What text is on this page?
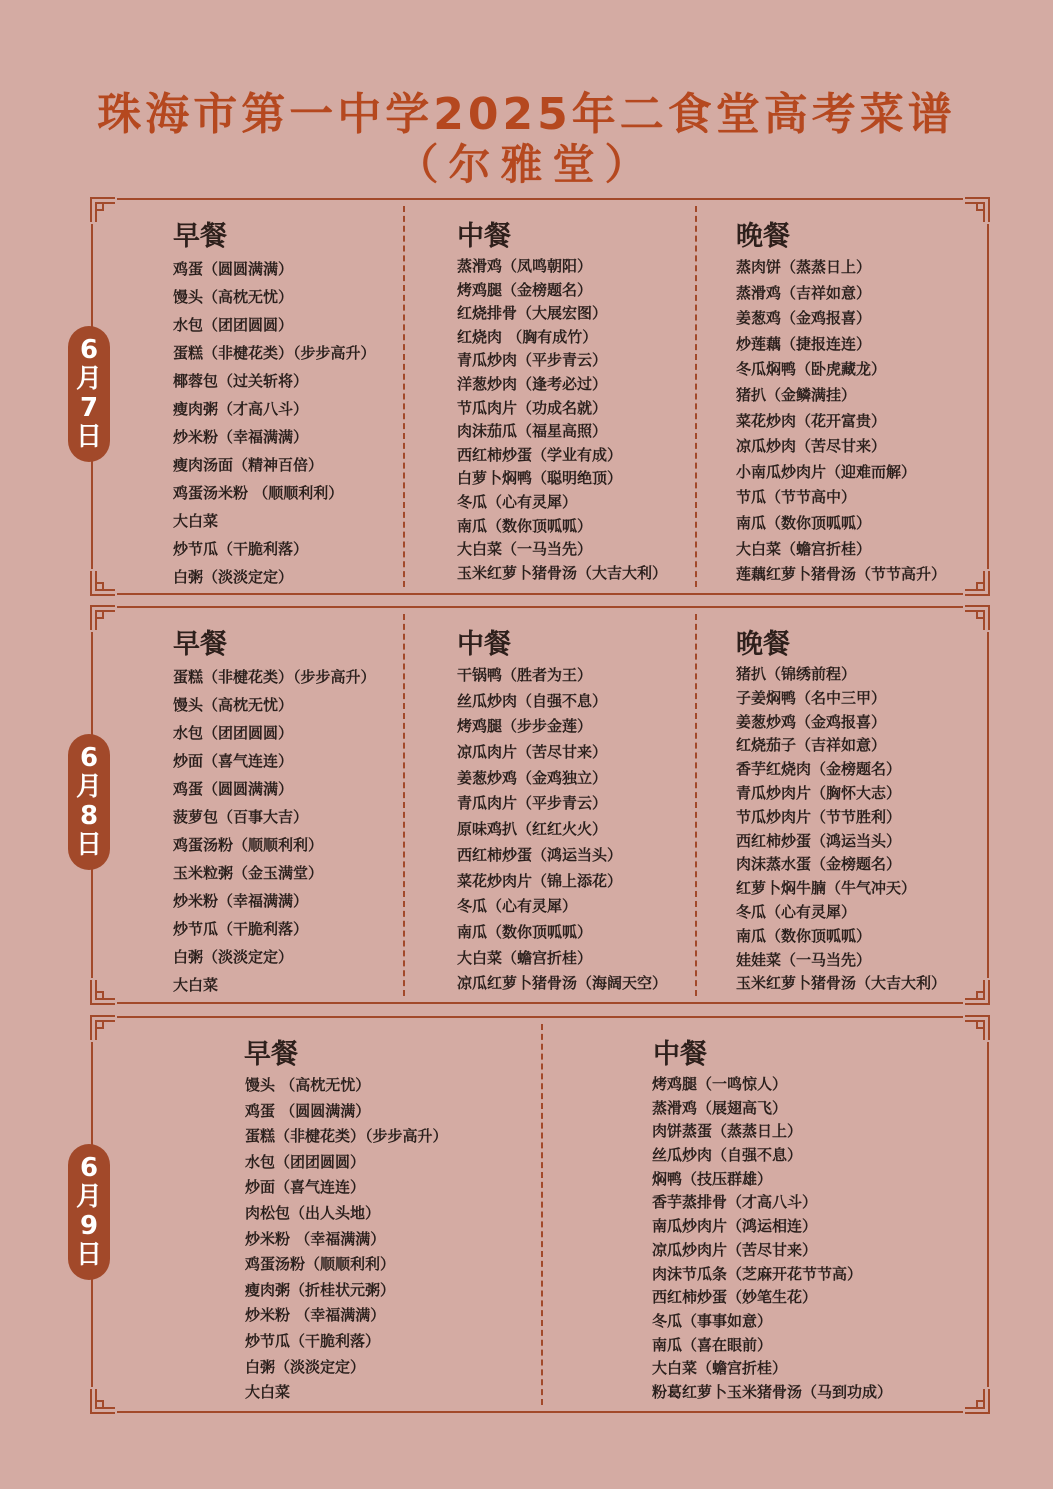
珠海市第一中学2025年二食堂高考菜谱
（尔雅堂）
6
月
7
日
早餐
鸡蛋（圆圆满满）
馒头（高枕无忧）
水包（团团圆圆）
蛋糕（非楗花类）（步步高升）
椰蓉包（过关斩将）
瘦肉粥（才高八斗）
炒米粉（幸福满满）
瘦肉汤面（精神百倍）
鸡蛋汤米粉 （顺顺利利）
大白菜
炒节瓜（干脆利落）
白粥（淡淡定定）
中餐
蒸滑鸡（凤鸣朝阳）
烤鸡腿（金榜题名）
红烧排骨（大展宏图）
红烧肉 （胸有成竹）
青瓜炒肉（平步青云）
洋葱炒肉（逢考必过）
节瓜肉片（功成名就）
肉沫茄瓜（福星高照）
西红柿炒蛋（学业有成）
白萝卜焖鸭（聪明绝顶）
冬瓜（心有灵犀）
南瓜（数你顶呱呱）
大白菜（一马当先）
玉米红萝卜猪骨汤（大吉大利）
晚餐
蒸肉饼（蒸蒸日上）
蒸滑鸡（吉祥如意）
姜葱鸡（金鸡报喜）
炒莲藕（捷报连连）
冬瓜焖鸭（卧虎藏龙）
猪扒（金鳞满挂）
菜花炒肉（花开富贵）
凉瓜炒肉（苦尽甘来）
小南瓜炒肉片（迎难而解）
节瓜（节节高中）
南瓜（数你顶呱呱）
大白菜（蟾宫折桂）
莲藕红萝卜猪骨汤（节节高升）
6
月
8
日
早餐
蛋糕（非楗花类）（步步高升）
馒头（高枕无忧）
水包（团团圆圆）
炒面（喜气连连）
鸡蛋（圆圆满满）
菠萝包（百事大吉）
鸡蛋汤粉（顺顺利利）
玉米粒粥（金玉满堂）
炒米粉（幸福满满）
炒节瓜（干脆利落）
白粥（淡淡定定）
大白菜
中餐
干锅鸭（胜者为王）
丝瓜炒肉（自强不息）
烤鸡腿（步步金莲）
凉瓜肉片（苦尽甘来）
姜葱炒鸡（金鸡独立）
青瓜肉片（平步青云）
原味鸡扒（红红火火）
西红柿炒蛋（鸿运当头）
菜花炒肉片（锦上添花）
冬瓜（心有灵犀）
南瓜（数你顶呱呱）
大白菜（蟾宫折桂）
凉瓜红萝卜猪骨汤（海阔天空）
晚餐
猪扒（锦绣前程）
子姜焖鸭（名中三甲）
姜葱炒鸡（金鸡报喜）
红烧茄子（吉祥如意）
香芋红烧肉（金榜题名）
青瓜炒肉片（胸怀大志）
节瓜炒肉片（节节胜利）
西红柿炒蛋（鸿运当头）
肉沫蒸水蛋（金榜题名）
红萝卜焖牛腩（牛气冲天）
冬瓜（心有灵犀）
南瓜（数你顶呱呱）
娃娃菜（一马当先）
玉米红萝卜猪骨汤（大吉大利）
6
月
9
日
早餐
馒头 （高枕无忧）
鸡蛋 （圆圆满满）
蛋糕（非楗花类）（步步高升）
水包（团团圆圆）
炒面（喜气连连）
肉松包（出人头地）
炒米粉 （幸福满满）
鸡蛋汤粉（顺顺利利）
瘦肉粥（折桂状元粥）
炒米粉 （幸福满满）
炒节瓜（干脆利落）
白粥（淡淡定定）
大白菜
中餐
烤鸡腿（一鸣惊人）
蒸滑鸡（展翅高飞）
肉饼蒸蛋（蒸蒸日上）
丝瓜炒肉（自强不息）
焖鸭（技压群雄）
香芋蒸排骨（才高八斗）
南瓜炒肉片（鸿运相连）
凉瓜炒肉片（苦尽甘来）
肉沫节瓜条（芝麻开花节节高）
西红柿炒蛋（妙笔生花）
冬瓜（事事如意）
南瓜（喜在眼前）
大白菜（蟾宫折桂）
粉葛红萝卜玉米猪骨汤（马到功成）
